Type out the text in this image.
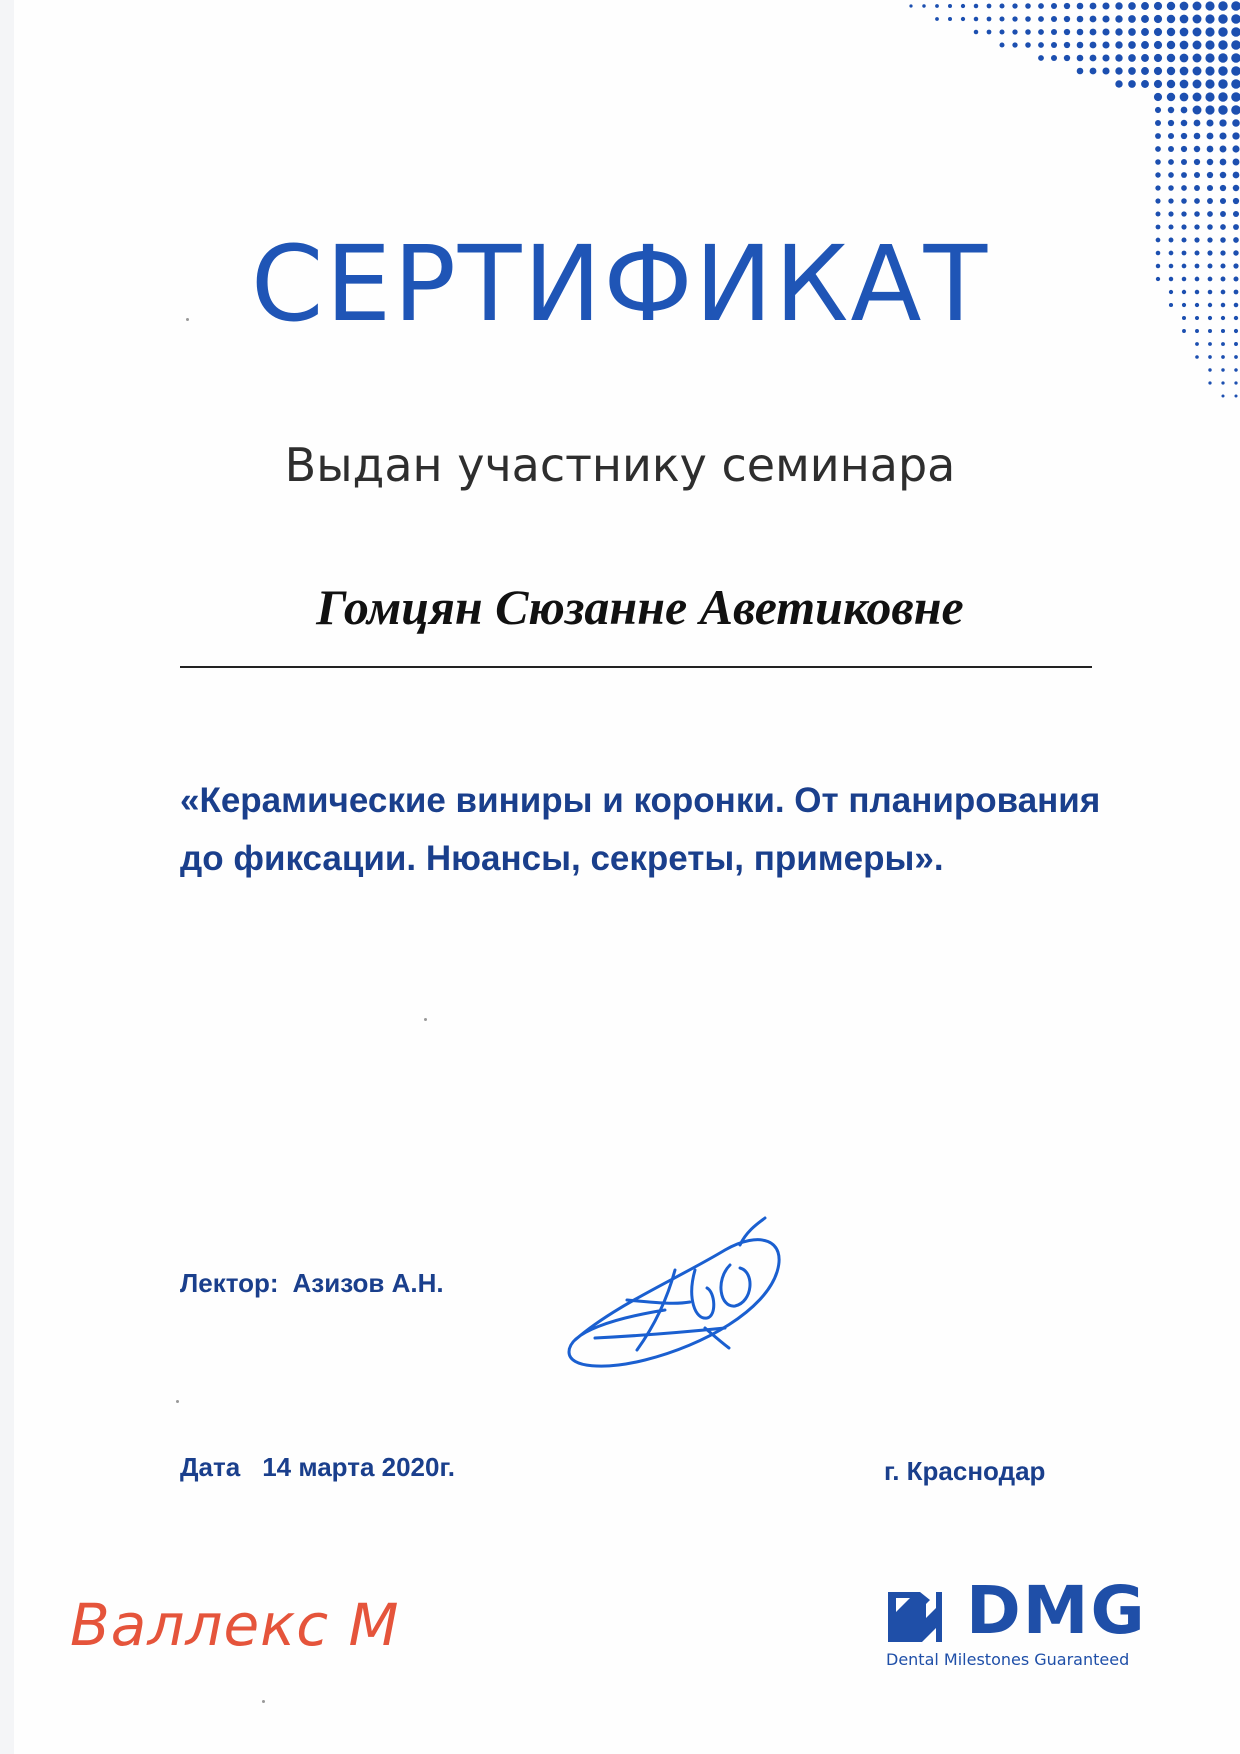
СЕРТИФИКАТ
Выдан участнику семинара
Гомцян Сюзанне Аветиковне
«Керамические виниры и коронки. От планирования
до фиксации. Нюансы, секреты, примеры».
Лектор: Азизов А.Н.
Дата 14 марта 2020г.	г. Краснодар
Валлекс М	DMG
Dental Milestones Guaranteed
